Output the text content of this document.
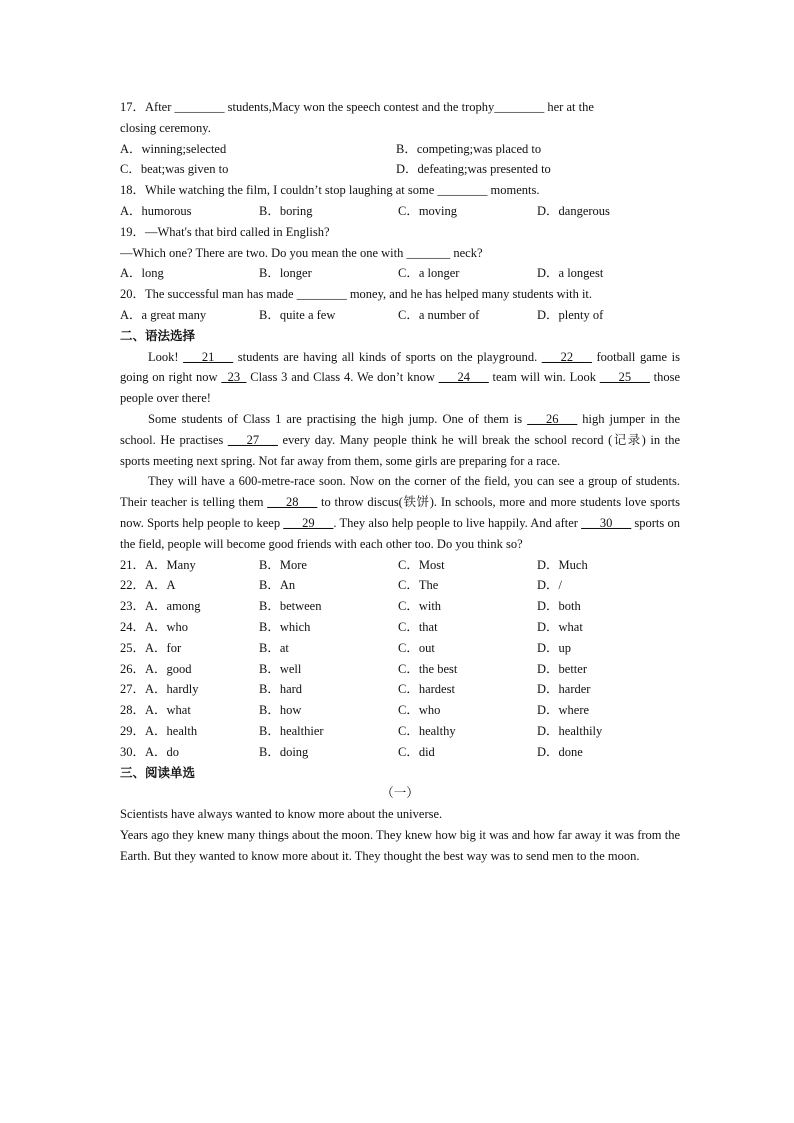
17．After ________ students,Macy won the speech contest and the trophy________ her at the
closing ceremony.
A．winning;selected	B．competing;was placed to
C．beat;was given to	D．defeating;was presented to
18．While watching the film, I couldn’t stop laughing at some ________ moments.
A．humorous	B．boring	C．moving	D．dangerous
19．—What's that bird called in English?
—Which one? There are two. Do you mean the one with _______ neck?
A．long	B．longer	C．a longer	D．a longest
20．The successful man has made ________ money, and he has helped many students with it.
A．a great many	B．quite a few	C．a number of	D．plenty of
二、语法选择
Look! ___21___ students are having all kinds of sports on the playground. ___22___ football game is going on right now _23_ Class 3 and Class 4. We don’t know ___24___ team will win. Look ___25___ those people over there!
Some students of Class 1 are practising the high jump. One of them is ___26___ high jumper in the school. He practises ___27___ every day. Many people think he will break the school record (记录) in the sports meeting next spring. Not far away from them, some girls are preparing for a race.
They will have a 600-metre-race soon. Now on the corner of the field, you can see a group of students. Their teacher is telling them ___28___ to throw discus(铁饼). In schools, more and more students love sports now. Sports help people to keep ___29___. They also help people to live happily. And after ___30___ sports on the field, people will become good friends with each other too. Do you think so?
21．A．Many	B．More	C．Most	D．Much
22．A．A	B．An	C．The	D．/
23．A．among	B．between	C．with	D．both
24．A．who	B．which	C．that	D．what
25．A．for	B．at	C．out	D．up
26．A．good	B．well	C．the best	D．better
27．A．hardly	B．hard	C．hardest	D．harder
28．A．what	B．how	C．who	D．where
29．A．health	B．healthier	C．healthy	D．healthily
30．A．do	B．doing	C．did	D．done
三、阅读单选
（一）
Scientists have always wanted to know more about the universe.
Years ago they knew many things about the moon. They knew how big it was and how far away it was from the Earth. But they wanted to know more about it. They thought the best way was to send men to the moon.
